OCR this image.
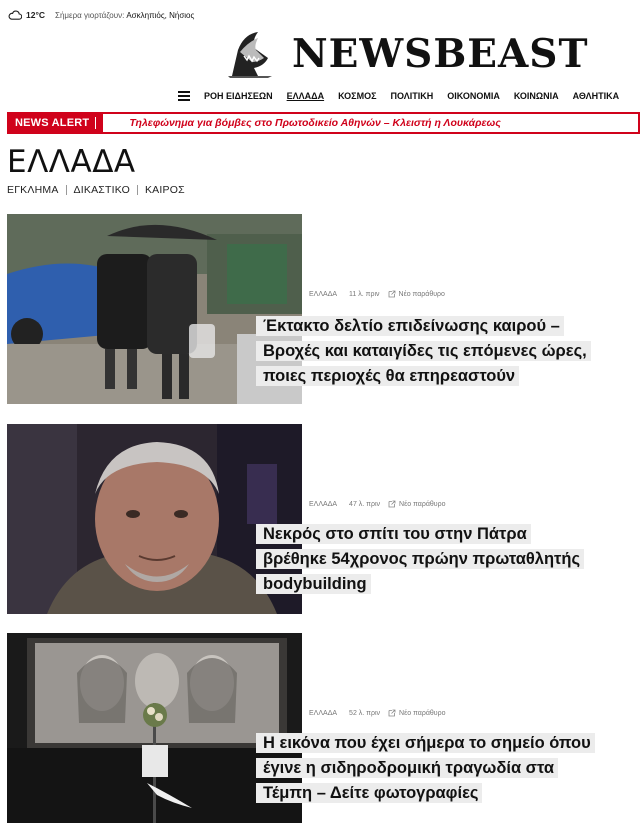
12°C Σήμερα γιορτάζουν: Ασκληπιός, Νήσιος
NEWSBEAST
ΡΟΗ ΕΙΔΗΣΕΩΝ ΕΛΛΑΔΑ ΚΟΣΜΟΣ ΠΟΛΙΤΙΚΗ ΟΙΚΟΝΟΜΙΑ ΚΟΙΝΩΝΙΑ ΑΘΛΗΤΙΚΑ
NEWS ALERT	Τηλεφώνημα για βόμβες στο Πρωτοδικείο Αθηνών – Κλειστή η Λουκάρεως
ΕΛΛΑΔΑ
ΕΓΚΛΗΜΑ ΔΙΚΑΣΤΙΚΟ ΚΑΙΡΟΣ
ΕΛΛΑΔΑ 11 λ. πριν	Νέο παράθυρο
Έκτακτο δελτίο επιδείνωσης καιρού –
Βροχές και καταιγίδες τις επόμενες ώρες,
ποιες περιοχές θα επηρεαστούν
ΕΛΛΑΔΑ 47 λ. πριν	Νέο παράθυρο
Νεκρός στο σπίτι του στην Πάτρα
βρέθηκε 54χρονος πρώην πρωταθλητής
bodybuilding
ΕΛΛΑΔΑ 52 λ. πριν	Νέο παράθυρο
Η εικόνα που έχει σήμερα το σημείο όπου
έγινε η σιδηροδρομική τραγωδία στα
Τέμπη – Δείτε φωτογραφίες
